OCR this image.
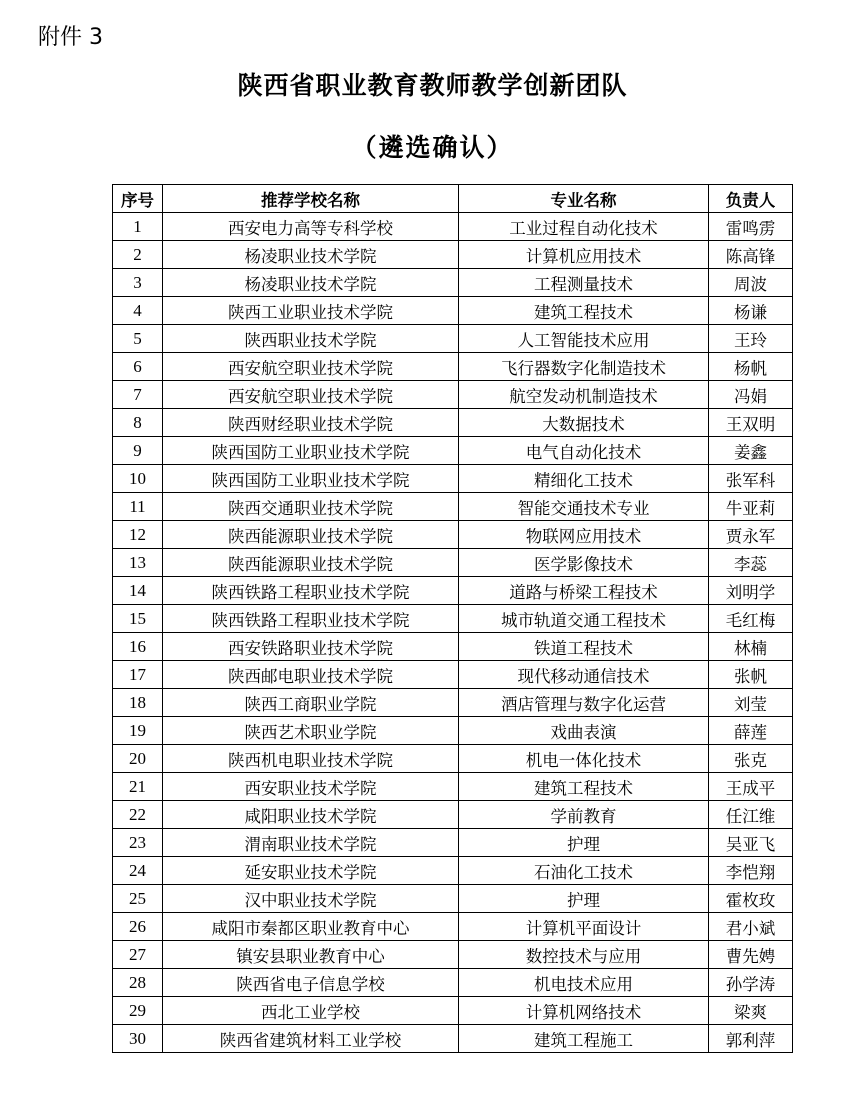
附件 3
陕西省职业教育教师教学创新团队
（遴选确认）
序号	推荐学校名称	专业名称	负责人
1	西安电力高等专科学校	工业过程自动化技术	雷鸣雳
2	杨凌职业技术学院	计算机应用技术	陈高锋
3	杨凌职业技术学院	工程测量技术	周波
4	陕西工业职业技术学院	建筑工程技术	杨谦
5	陕西职业技术学院	人工智能技术应用	王玲
6	西安航空职业技术学院	飞行器数字化制造技术	杨帆
7	西安航空职业技术学院	航空发动机制造技术	冯娟
8	陕西财经职业技术学院	大数据技术	王双明
9	陕西国防工业职业技术学院	电气自动化技术	姜鑫
10	陕西国防工业职业技术学院	精细化工技术	张军科
11	陕西交通职业技术学院	智能交通技术专业	牛亚莉
12	陕西能源职业技术学院	物联网应用技术	贾永军
13	陕西能源职业技术学院	医学影像技术	李蕊
14	陕西铁路工程职业技术学院	道路与桥梁工程技术	刘明学
15	陕西铁路工程职业技术学院	城市轨道交通工程技术	毛红梅
16	西安铁路职业技术学院	铁道工程技术	林楠
17	陕西邮电职业技术学院	现代移动通信技术	张帆
18	陕西工商职业学院	酒店管理与数字化运营	刘莹
19	陕西艺术职业学院	戏曲表演	薛莲
20	陕西机电职业技术学院	机电一体化技术	张克
21	西安职业技术学院	建筑工程技术	王成平
22	咸阳职业技术学院	学前教育	任江维
23	渭南职业技术学院	护理	吴亚飞
24	延安职业技术学院	石油化工技术	李恺翔
25	汉中职业技术学院	护理	霍枚玫
26	咸阳市秦都区职业教育中心	计算机平面设计	君小斌
27	镇安县职业教育中心	数控技术与应用	曹先娉
28	陕西省电子信息学校	机电技术应用	孙学涛
29	西北工业学校	计算机网络技术	梁爽
30	陕西省建筑材料工业学校	建筑工程施工	郭利萍
